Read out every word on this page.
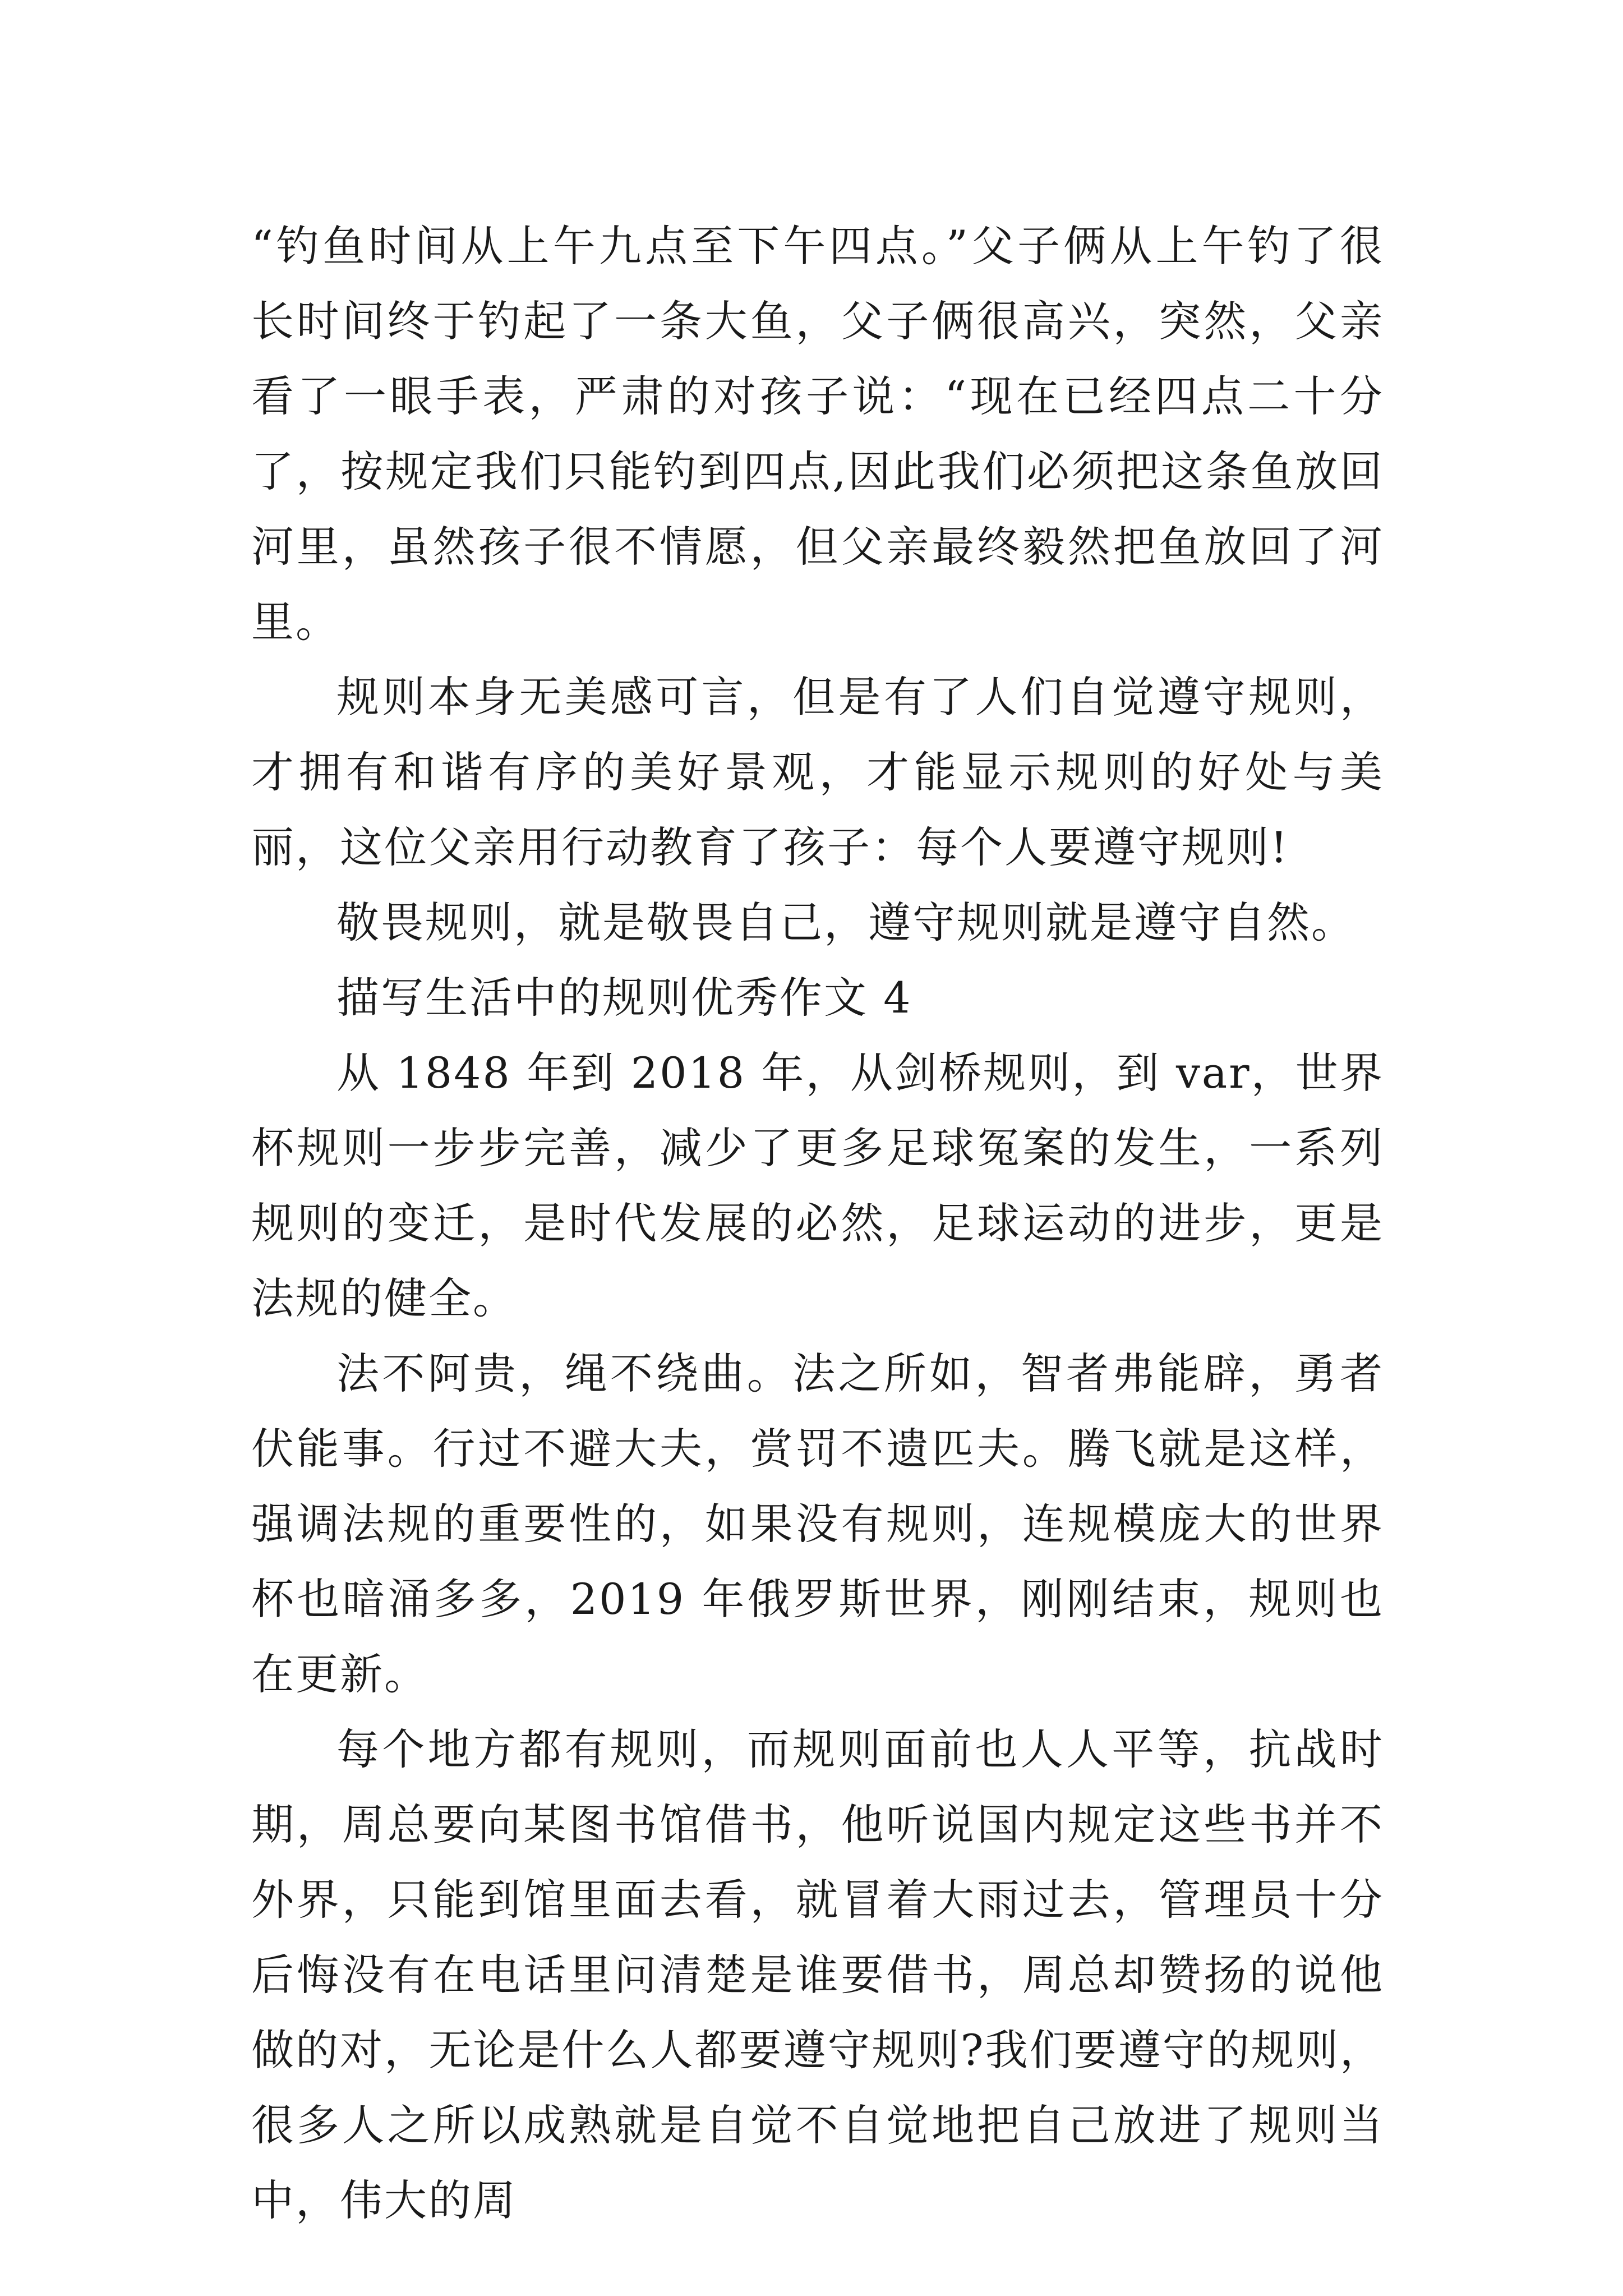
“钓鱼时间从上午九点至下午四点。”父子俩从上午钓了很长时间终于钓起了一条大鱼，父子俩很高兴，突然，父亲看了一眼手表，严肃的对孩子说：“现在已经四点二十分了，按规定我们只能钓到四点,因此我们必须把这条鱼放回河里，虽然孩子很不情愿，但父亲最终毅然把鱼放回了河里。

规则本身无美感可言，但是有了人们自觉遵守规则，才拥有和谐有序的美好景观，才能显示规则的好处与美丽，这位父亲用行动教育了孩子：每个人要遵守规则!

敬畏规则，就是敬畏自己，遵守规则就是遵守自然。

描写生活中的规则优秀作文 4

从 1848 年到 2018 年，从剑桥规则，到 var，世界杯规则一步步完善，减少了更多足球冤案的发生，一系列规则的变迁，是时代发展的必然，足球运动的进步，更是法规的健全。

法不阿贵，绳不绕曲。法之所如，智者弗能辟，勇者伏能事。行过不避大夫，赏罚不遗匹夫。腾飞就是这样，强调法规的重要性的，如果没有规则，连规模庞大的世界杯也暗涌多多，2019 年俄罗斯世界，刚刚结束，规则也在更新。

每个地方都有规则，而规则面前也人人平等，抗战时期，周总要向某图书馆借书，他听说国内规定这些书并不外界，只能到馆里面去看，就冒着大雨过去，管理员十分后悔没有在电话里问清楚是谁要借书，周总却赞扬的说他做的对，无论是什么人都要遵守规则?我们要遵守的规则，很多人之所以成熟就是自觉不自觉地把自己放进了规则当中，伟大的周
